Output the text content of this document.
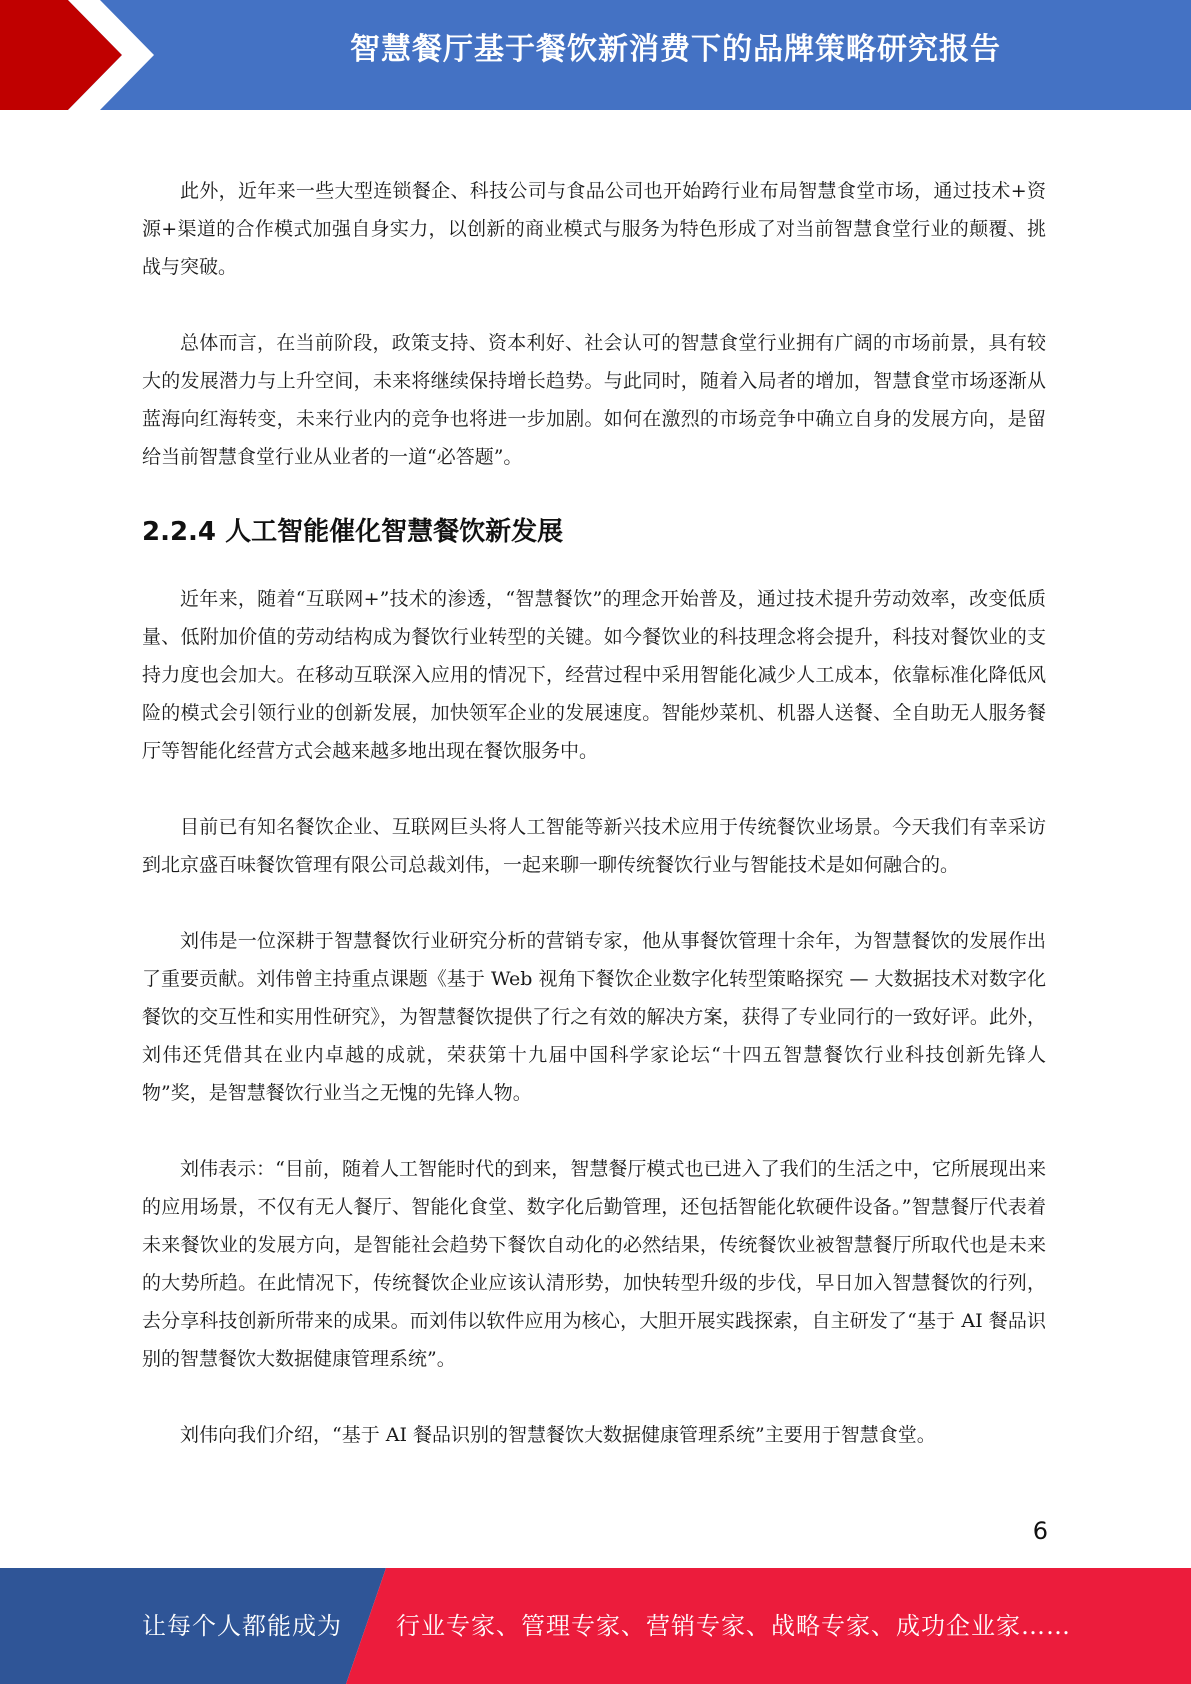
智慧餐厅基于餐饮新消费下的品牌策略研究报告

此外，近年来一些大型连锁餐企、科技公司与食品公司也开始跨行业布局智慧食堂市场，通过技术+资源+渠道的合作模式加强自身实力，以创新的商业模式与服务为特色形成了对当前智慧食堂行业的颠覆、挑战与突破。

总体而言，在当前阶段，政策支持、资本利好、社会认可的智慧食堂行业拥有广阔的市场前景，具有较大的发展潜力与上升空间，未来将继续保持增长趋势。与此同时，随着入局者的增加，智慧食堂市场逐渐从蓝海向红海转变，未来行业内的竞争也将进一步加剧。如何在激烈的市场竞争中确立自身的发展方向，是留给当前智慧食堂行业从业者的一道“必答题”。

2.2.4 人工智能催化智慧餐饮新发展

近年来，随着“互联网+”技术的渗透，“智慧餐饮”的理念开始普及，通过技术提升劳动效率，改变低质量、低附加价值的劳动结构成为餐饮行业转型的关键。如今餐饮业的科技理念将会提升，科技对餐饮业的支持力度也会加大。在移动互联深入应用的情况下，经营过程中采用智能化减少人工成本，依靠标准化降低风险的模式会引领行业的创新发展，加快领军企业的发展速度。智能炒菜机、机器人送餐、全自助无人服务餐厅等智能化经营方式会越来越多地出现在餐饮服务中。

目前已有知名餐饮企业、互联网巨头将人工智能等新兴技术应用于传统餐饮业场景。今天我们有幸采访到北京盛百味餐饮管理有限公司总裁刘伟，一起来聊一聊传统餐饮行业与智能技术是如何融合的。

刘伟是一位深耕于智慧餐饮行业研究分析的营销专家，他从事餐饮管理十余年，为智慧餐饮的发展作出了重要贡献。刘伟曾主持重点课题《基于 Web 视角下餐饮企业数字化转型策略探究 — 大数据技术对数字化餐饮的交互性和实用性研究》，为智慧餐饮提供了行之有效的解决方案，获得了专业同行的一致好评。此外，刘伟还凭借其在业内卓越的成就，荣获第十九届中国科学家论坛“十四五智慧餐饮行业科技创新先锋人物”奖，是智慧餐饮行业当之无愧的先锋人物。

刘伟表示：“目前，随着人工智能时代的到来，智慧餐厅模式也已进入了我们的生活之中，它所展现出来的应用场景，不仅有无人餐厅、智能化食堂、数字化后勤管理，还包括智能化软硬件设备。”智慧餐厅代表着未来餐饮业的发展方向，是智能社会趋势下餐饮自动化的必然结果，传统餐饮业被智慧餐厅所取代也是未来的大势所趋。在此情况下，传统餐饮企业应该认清形势，加快转型升级的步伐，早日加入智慧餐饮的行列，去分享科技创新所带来的成果。而刘伟以软件应用为核心，大胆开展实践探索，自主研发了“基于 AI 餐品识别的智慧餐饮大数据健康管理系统”。

刘伟向我们介绍，“基于 AI 餐品识别的智慧餐饮大数据健康管理系统”主要用于智慧食堂。

6
让每个人都能成为 行业专家、管理专家、营销专家、战略专家、成功企业家……
